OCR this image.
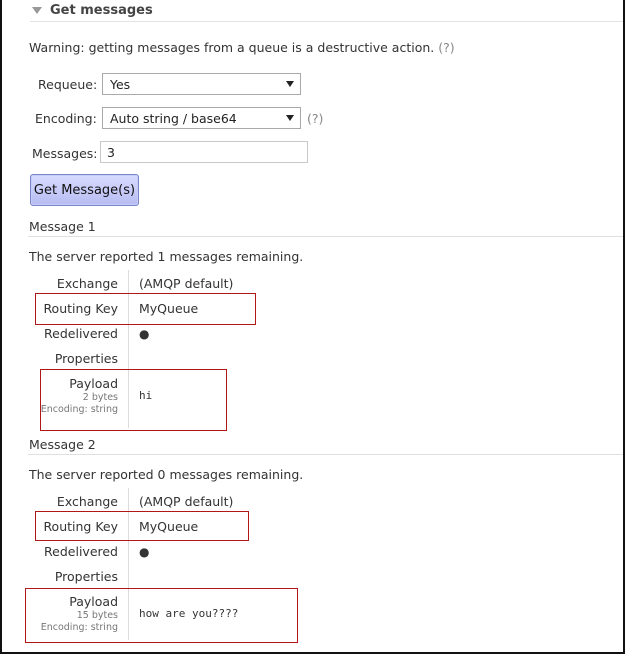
Get messages
Warning: getting messages from a queue is a destructive action. (?)
Requeue: Yes
Encoding: Auto string / base64	(?)
Messages: 3
Get Message(s)
Message 1
The server reported 1 messages remaining.
Exchange (AMQP default)
Routing Key MyQueue
Redelivered ●
Properties
Payload
2 bytes
Encoding: string
hi
Message 2
The server reported 0 messages remaining.
Exchange (AMQP default)
Routing Key MyQueue
Redelivered ●
Properties
Payload
15 bytes
Encoding: string
how are you????
